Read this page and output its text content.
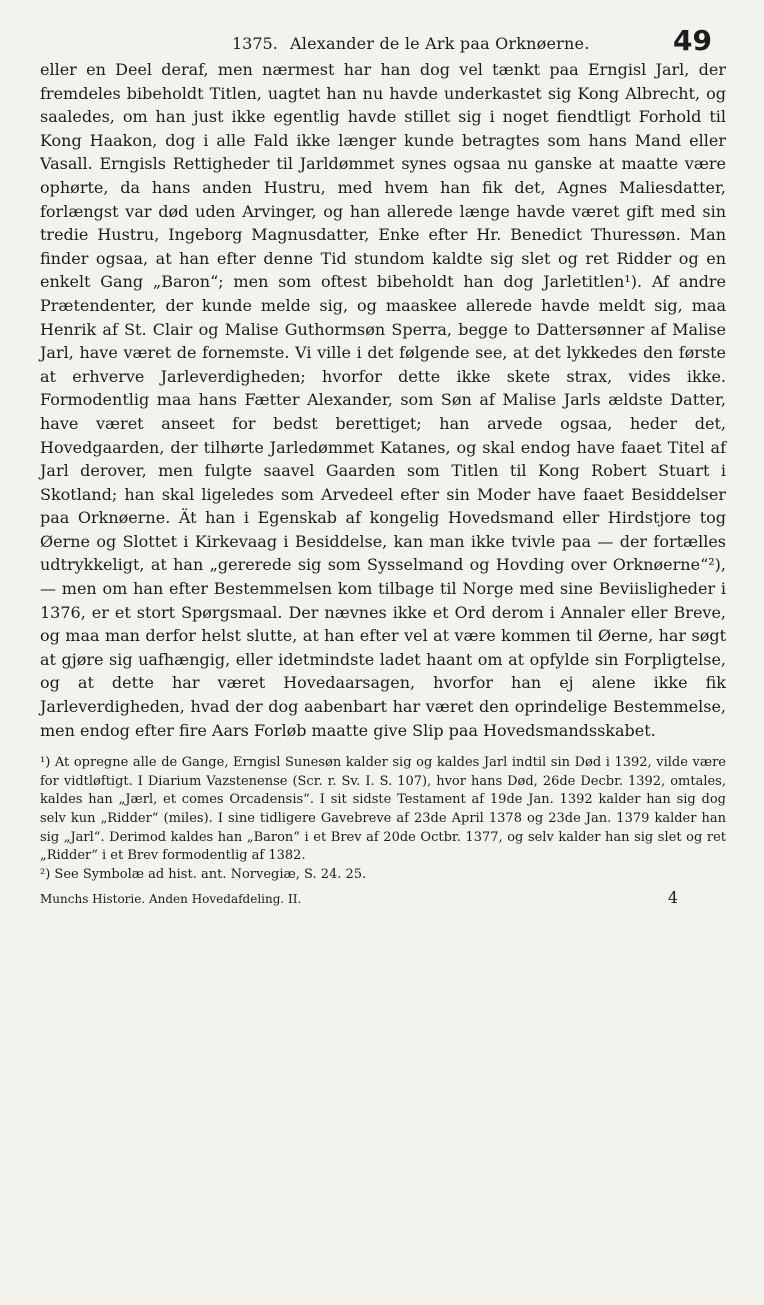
1375. Alexander de le Ark paa Orknøerne.	49

eller en Deel deraf, men nærmest har han dog vel tænkt paa Erngisl Jarl, der fremdeles bibeholdt Titlen, uagtet han nu havde underkastet sig Kong Albrecht, og saaledes, om han just ikke egentlig havde stillet sig i noget fiendtligt Forhold til Kong Haakon, dog i alle Fald ikke længer kunde betragtes som hans Mand eller Vasall. Erngisls Rettigheder til Jarldømmet synes ogsaa nu ganske at maatte være ophørte, da hans anden Hustru, med hvem han fik det, Agnes Maliesdatter, forlængst var død uden Arvinger, og han allerede længe havde været gift med sin tredie Hustru, Ingeborg Magnusdatter, Enke efter Hr. Benedict Thuressøn. Man finder ogsaa, at han efter denne Tid stundom kaldte sig slet og ret Ridder og en enkelt Gang „Baron“; men som oftest bibeholdt han dog Jarletitlen¹). Af andre Prætendenter, der kunde melde sig, og maaskee allerede havde meldt sig, maa Henrik af St. Clair og Malise Guthormsøn Sperra, begge to Dattersønner af Malise Jarl, have været de fornemste. Vi ville i det følgende see, at det lykkedes den første at erhverve Jarleverdigheden; hvorfor dette ikke skete strax, vides ikke. Formodentlig maa hans Fætter Alexander, som Søn af Malise Jarls ældste Datter, have været anseet for bedst berettiget; han arvede ogsaa, heder det, Hovedgaarden, der tilhørte Jarledømmet Katanes, og skal endog have faaet Titel af Jarl derover, men fulgte saavel Gaarden som Titlen til Kong Robert Stuart i Skotland; han skal ligeledes som Arvedeel efter sin Moder have faaet Besiddelser paa Orknøerne. Ät han i Egenskab af kongelig Hovedsmand eller Hirdstjore tog Øerne og Slottet i Kirkevaag i Besiddelse, kan man ikke tvivle paa — der fortælles udtrykkeligt, at han „gererede sig som Sysselmand og Hovding over Orknøerne“²), — men om han efter Bestemmelsen kom tilbage til Norge med sine Beviisligheder i 1376, er et stort Spørgsmaal. Der nævnes ikke et Ord derom i Annaler eller Breve, og maa man derfor helst slutte, at han efter vel at være kommen til Øerne, har søgt at gjøre sig uafhængig, eller idetmindste ladet haant om at opfylde sin Forpligtelse, og at dette har været Hovedaarsagen, hvorfor han ej alene ikke fik Jarleverdigheden, hvad der dog aabenbart har været den oprindelige Bestemmelse, men endog efter fire Aars Forløb maatte give Slip paa Hovedsmandsskabet.

¹) At opregne alle de Gange, Erngisl Sunesøn kalder sig og kaldes Jarl indtil sin Død i 1392, vilde være for vidtløftigt. I Diarium Vazstenense (Scr. r. Sv. I. S. 107), hvor hans Død, 26de Decbr. 1392, omtales, kaldes han „Jærl, et comes Orcadensis“. I sit sidste Testament af 19de Jan. 1392 kalder han sig dog selv kun „Ridder“ (miles). I sine tidligere Gavebreve af 23de April 1378 og 23de Jan. 1379 kalder han sig „Jarl“. Derimod kaldes han „Baron“ i et Brev af 20de Octbr. 1377, og selv kalder han sig slet og ret „Ridder“ i et Brev formodentlig af 1382.

²) See Symbolæ ad hist. ant. Norvegiæ, S. 24. 25.

Munchs Historie. Anden Hovedafdeling. II.	4
